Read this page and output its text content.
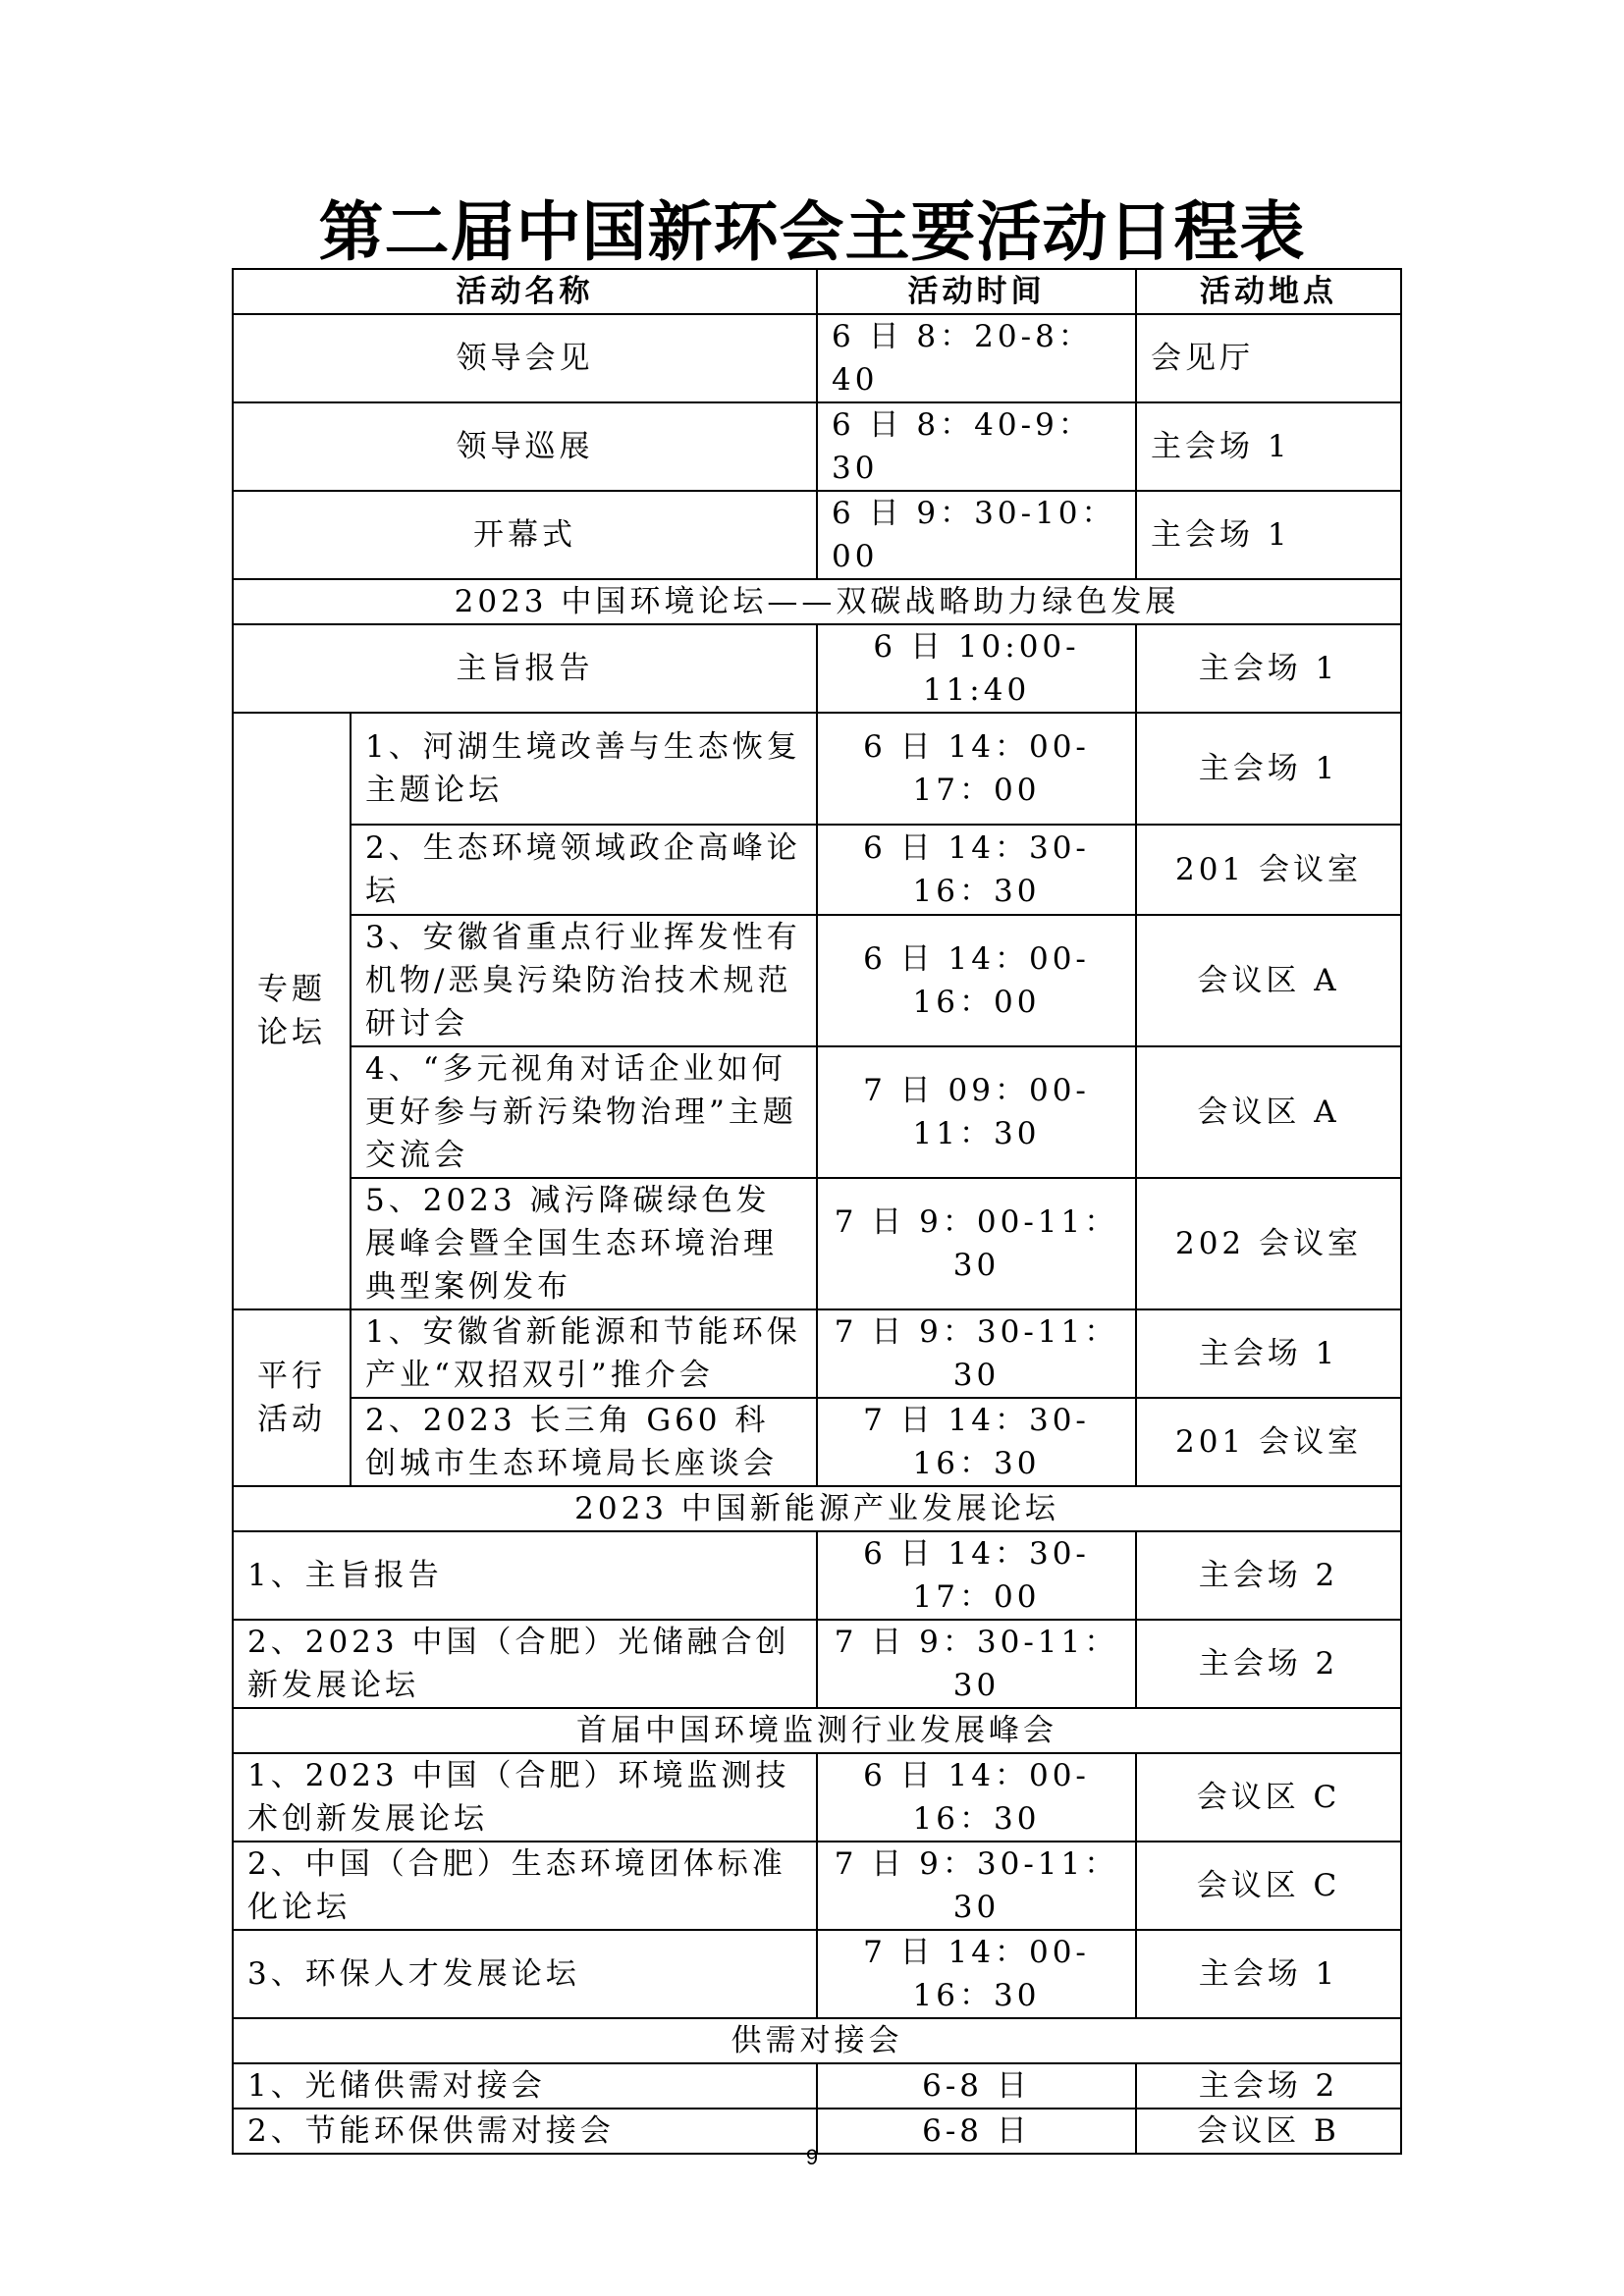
第二届中国新环会主要活动日程表
活动名称		活动时间	活动地点
领导会见		6 日 8：20-8：40	会见厅
领导巡展		6 日 8：40-9：30	主会场 1
开幕式		6 日 9：30-10：00	主会场 1
2023 中国环境论坛——双碳战略助力绿色发展			
主旨报告		6 日 10:00-11:40	主会场 1
专题论坛	1、河湖生境改善与生态恢复主题论坛	6 日 14：00-17：00	主会场 1
	2、生态环境领域政企高峰论坛	6 日 14：30-16：30	201 会议室
	3、安徽省重点行业挥发性有机物/恶臭污染防治技术规范研讨会	6 日 14：00-16：00	会议区 A
	4、“多元视角对话企业如何更好参与新污染物治理”主题交流会	7 日 09：00-11：30	会议区 A
	5、2023 减污降碳绿色发展峰会暨全国生态环境治理典型案例发布	7 日 9：00-11：30	202 会议室
平行活动	1、安徽省新能源和节能环保产业“双招双引”推介会	7 日 9：30-11：30	主会场 1
	2、2023 长三角 G60 科创城市生态环境局长座谈会	7 日 14：30-16：30	201 会议室
2023 中国新能源产业发展论坛			
1、主旨报告		6 日 14：30-17：00	主会场 2
2、2023 中国（合肥）光储融合创新发展论坛		7 日 9：30-11：30	主会场 2
首届中国环境监测行业发展峰会			
1、2023 中国（合肥）环境监测技术创新发展论坛		6 日 14：00-16：30	会议区 C
2、中国（合肥）生态环境团体标准化论坛		7 日 9：30-11：30	会议区 C
3、环保人才发展论坛		7 日 14：00-16：30	主会场 1
供需对接会			
1、光储供需对接会		6-8 日	主会场 2
2、节能环保供需对接会		6-8 日	会议区 B
9
